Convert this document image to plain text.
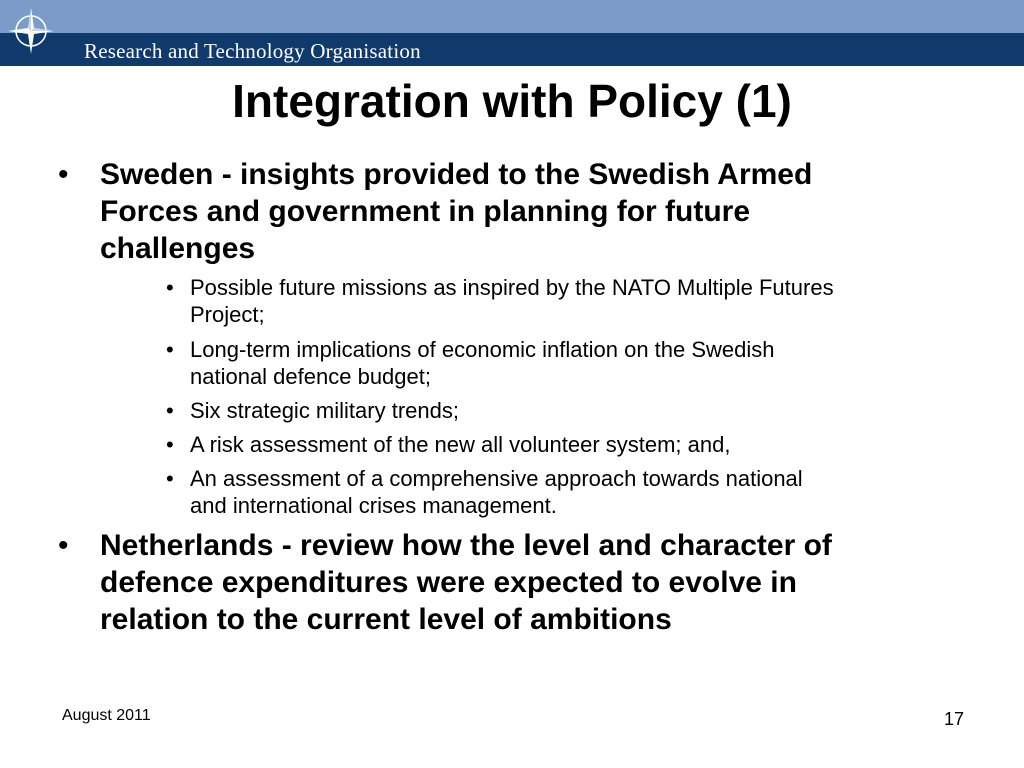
Research and Technology Organisation
Integration with Policy (1)
• Sweden - insights provided to the Swedish Armed
Forces and government in planning for future
challenges
• Possible future missions as inspired by the NATO Multiple Futures
Project;
• Long-term implications of economic inflation on the Swedish
national defence budget;
• Six strategic military trends;
• A risk assessment of the new all volunteer system; and,
• An assessment of a comprehensive approach towards national
and international crises management.
• Netherlands - review how the level and character of
defence expenditures were expected to evolve in
relation to the current level of ambitions
August 2011	17
